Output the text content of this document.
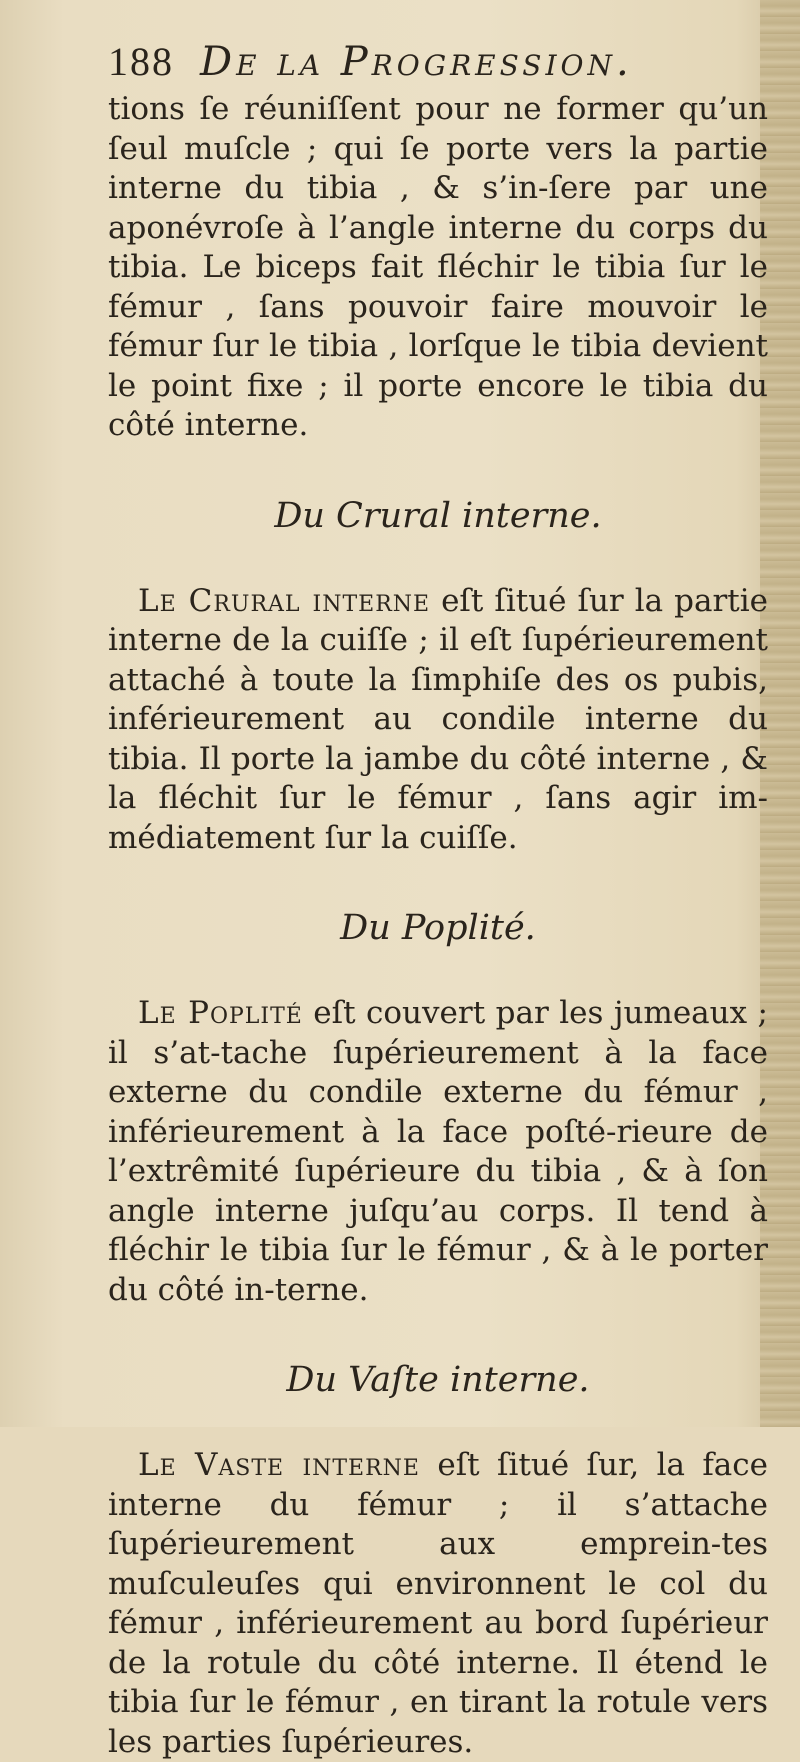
188 De la Progression.

tions ſe réuniſſent pour ne former qu’un ſeul muſcle ; qui ſe porte vers la partie interne du tibia , & s’in-ſere par une aponévroſe à l’angle interne du corps du tibia. Le biceps fait fléchir le tibia ſur le fémur , ſans pouvoir faire mouvoir le fémur ſur le tibia , lorſque le tibia devient le point fixe ; il porte encore le tibia du côté interne.

Du Crural interne.

Le Crural interne eſt ſitué ſur la partie interne de la cuiſſe ; il eſt ſupérieurement attaché à toute la ſimphiſe des os pubis, inférieurement au condile interne du tibia. Il porte la jambe du côté interne , & la fléchit ſur le fémur , ſans agir im-médiatement ſur la cuiſſe.

Du Poplité.

Le Poplité eſt couvert par les jumeaux ; il s’at-tache ſupérieurement à la face externe du condile externe du fémur , inférieurement à la face poſté-rieure de l’extrêmité ſupérieure du tibia , & à ſon angle interne juſqu’au corps. Il tend à fléchir le tibia ſur le fémur , & à le porter du côté in-terne.

Du Vaſte interne.

Le Vaste interne eſt ſitué ſur, la face interne du fémur ; il s’attache ſupérieurement aux emprein-tes muſculeuſes qui environnent le col du fémur , inférieurement au bord ſupérieur de la rotule du côté interne. Il étend le tibia ſur le fémur , en tirant la rotule vers les parties ſupérieures.
